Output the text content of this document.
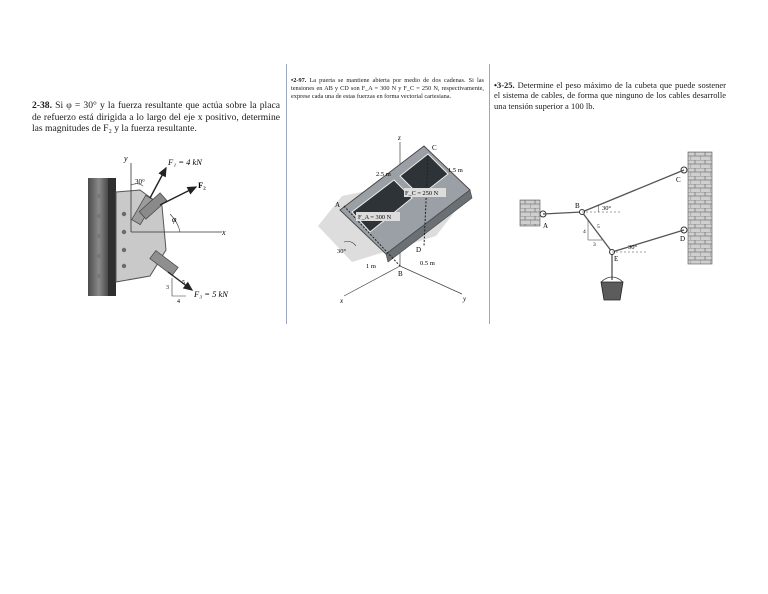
2-38. Si φ = 30° y la fuerza resultante que actúa sobre la placa de refuerzo está dirigida a lo largo del eje x positivo, determine las magnitudes de F₂ y la fuerza resultante.

y
x
F₁ = 4 kN
F₂
30°
φ
F₃ = 5 kN
3
5
4

•2-97. La puerta se mantiene abierta por medio de dos cadenas. Si las tensiones en AB y CD son F_A = 300 N y F_C = 250 N, respectivamente, exprese cada una de estas fuerzas en forma vectorial cartesiana.

z
x	y
A
B
C
D
2.5 m
1.5 m
F_A = 300 N
F_C = 250 N
30°
1 m	0.5 m

•3-25. Determine el peso máximo de la cubeta que puede sostener el sistema de cables, de forma que ninguno de los cables desarrolle una tensión superior a 100 lb.

A
B
C
D
E
30°
30°
4
3
5
